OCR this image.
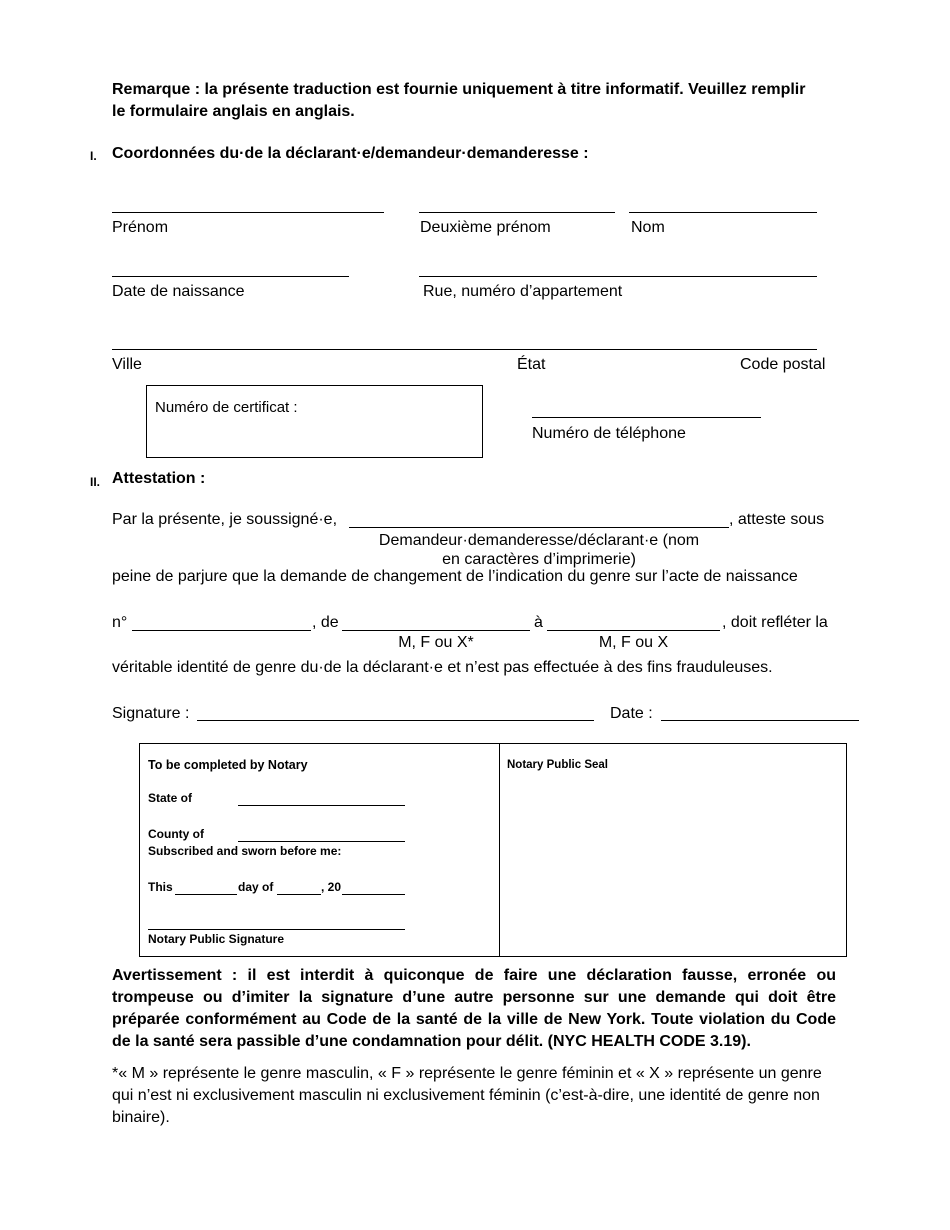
Remarque : la présente traduction est fournie uniquement à titre informatif. Veuillez remplir
le formulaire anglais en anglais.
I. Coordonnées du·de la déclarant·e/demandeur·demanderesse :
Prénom	Deuxième prénom	Nom
Date de naissance	Rue, numéro d’appartement
Ville	État	Code postal
Numéro de certificat :
Numéro de téléphone
II. Attestation :
Par la présente, je soussigné·e,	, atteste sous
Demandeur·demanderesse/déclarant·e (nom
en caractères d’imprimerie)
peine de parjure que la demande de changement de l’indication du genre sur l’acte de naissance
n°	, de	à	, doit refléter la
M, F ou X*	M, F ou X
véritable identité de genre du·de la déclarant·e et n’est pas effectuée à des fins frauduleuses.
Signature :	Date :
To be completed by Notary
State of
County of
Subscribed and sworn before me:
This	day of	, 20
Notary Public Signature
Notary Public Seal
Avertissement : il est interdit à quiconque de faire une déclaration fausse, erronée ou trompeuse ou d’imiter la signature d’une autre personne sur une demande qui doit être préparée conformément au Code de la santé de la ville de New York. Toute violation du Code de la santé sera passible d’une condamnation pour délit. (NYC HEALTH CODE 3.19).
*« M » représente le genre masculin, « F » représente le genre féminin et « X » représente un genre qui n’est ni exclusivement masculin ni exclusivement féminin (c’est-à-dire, une identité de genre non binaire).
